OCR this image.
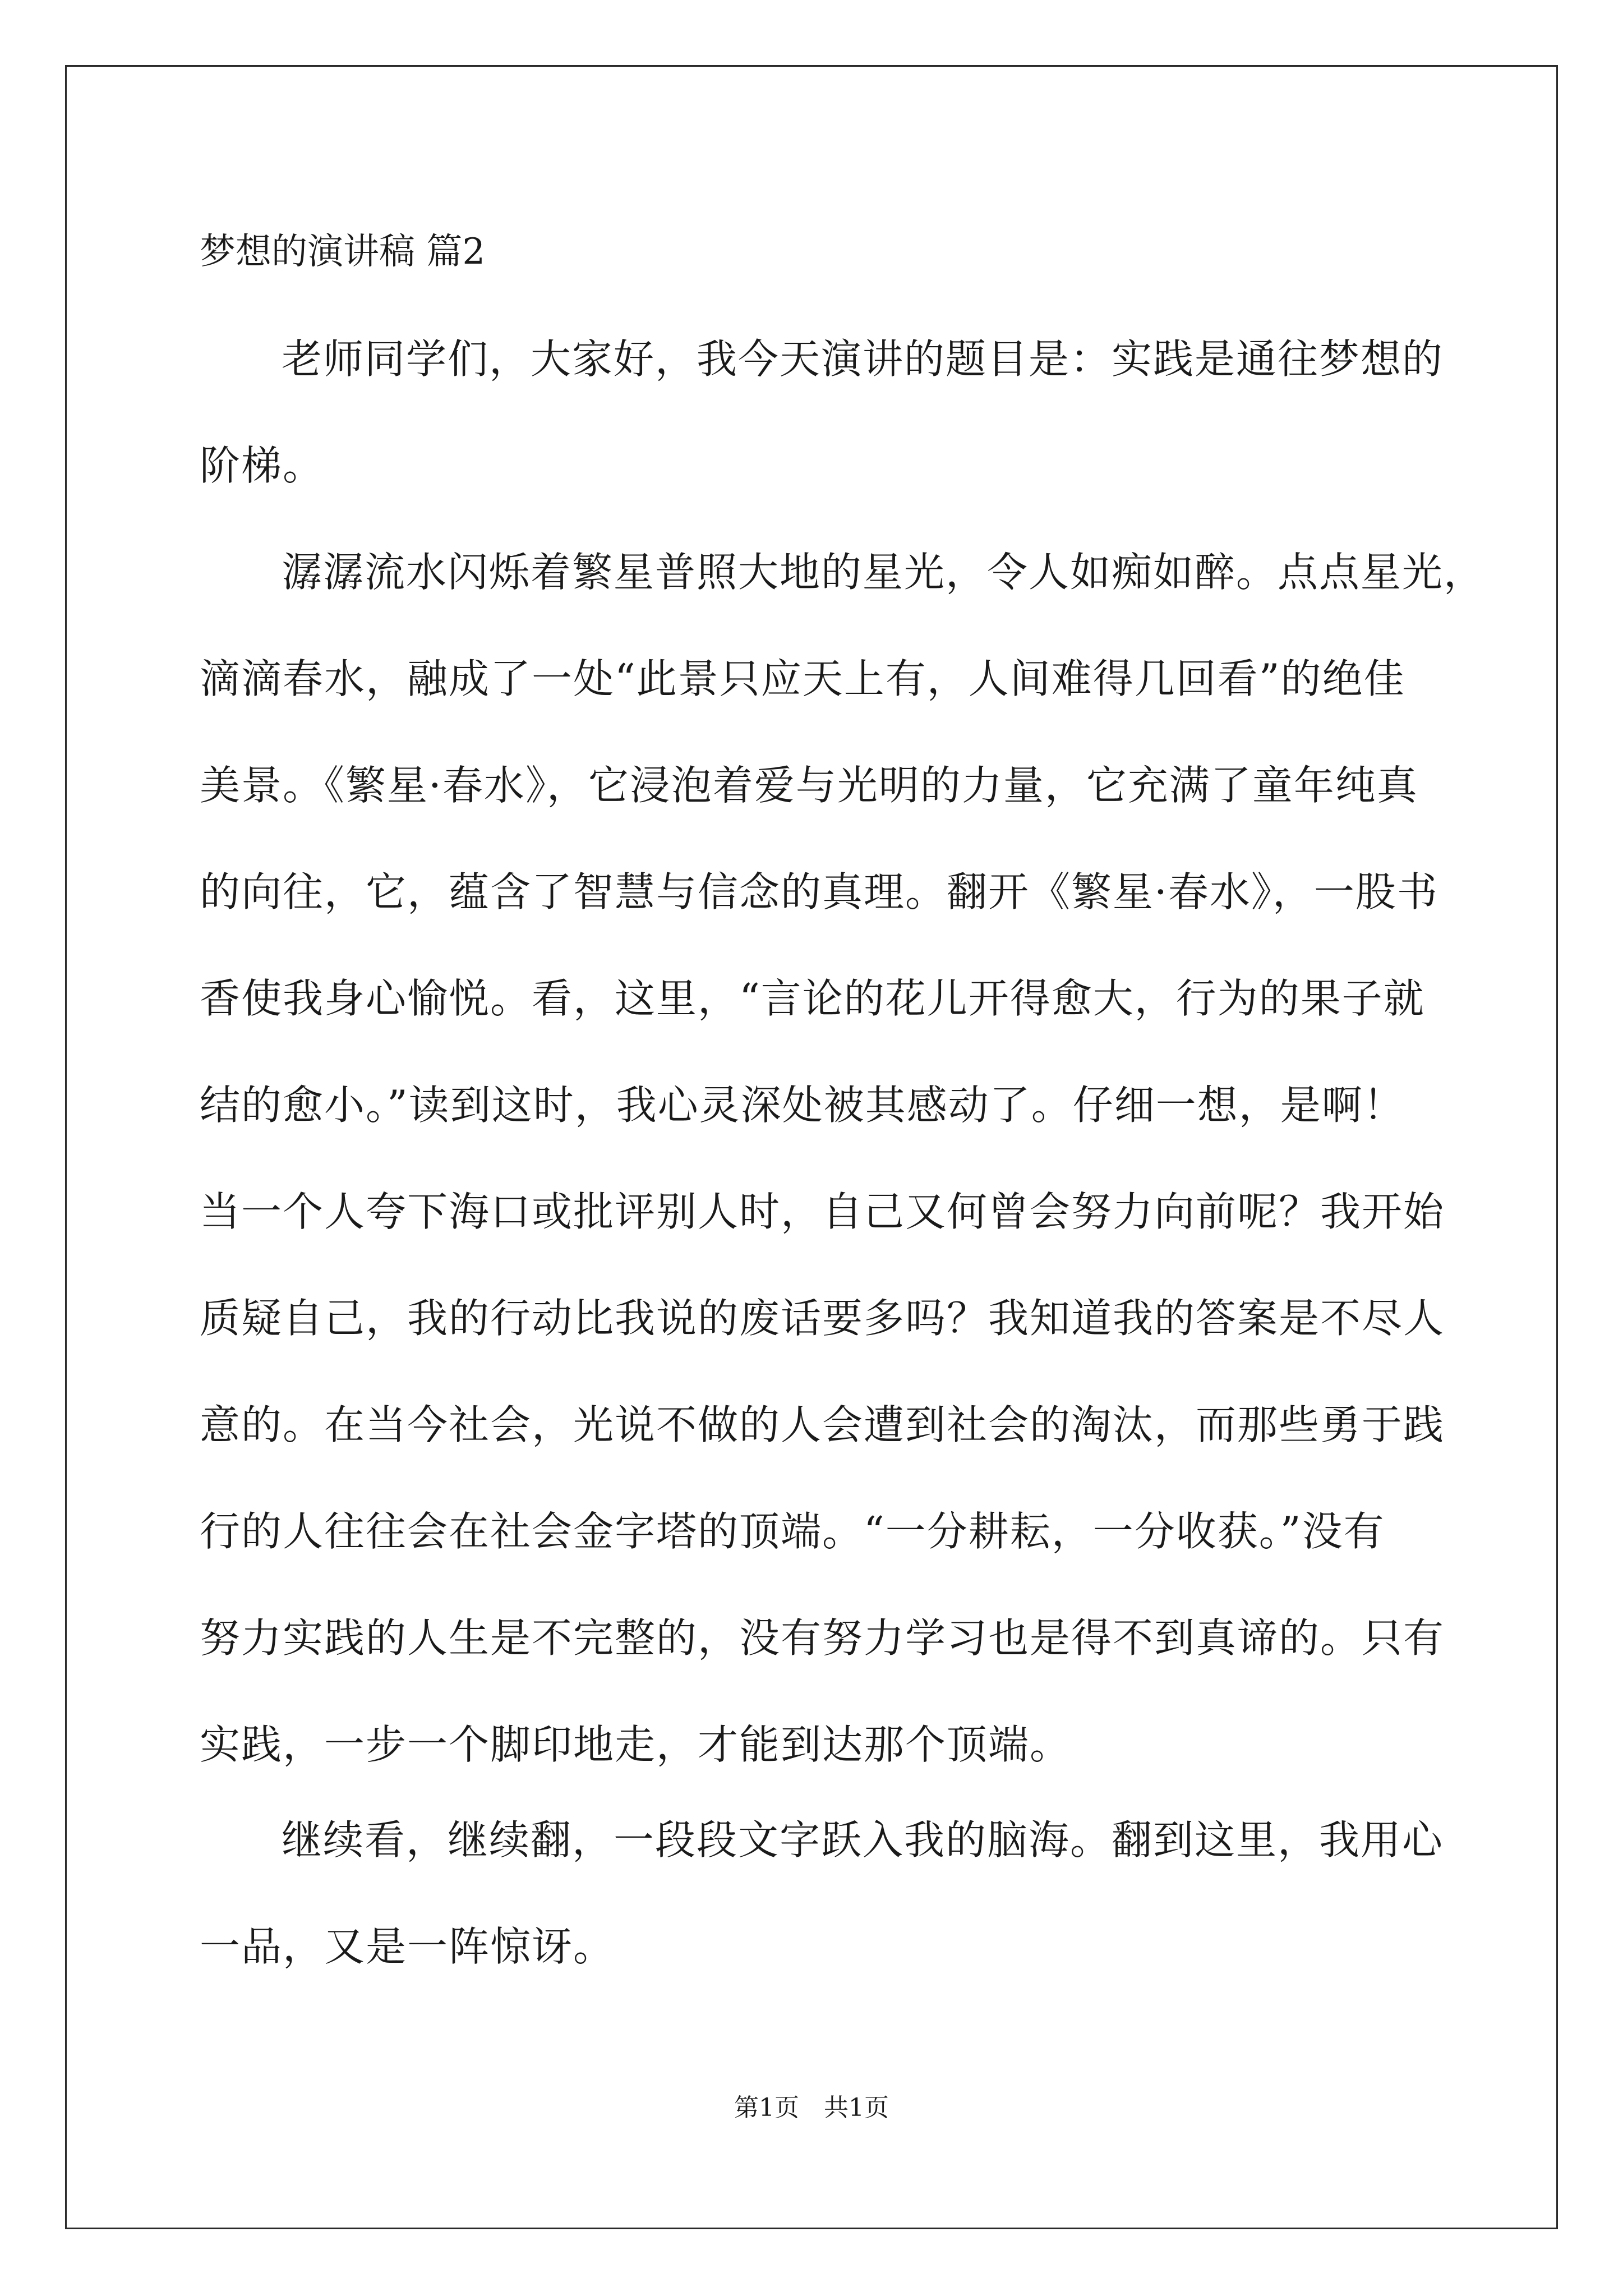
梦想的演讲稿 篇2
老师同学们，大家好，我今天演讲的题目是：实践是通往梦想的
阶梯。
潺潺流水闪烁着繁星普照大地的星光，令人如痴如醉。点点星光，
滴滴春水，融成了一处“此景只应天上有，人间难得几回看”的绝佳
美景。《繁星·春水》，它浸泡着爱与光明的力量，它充满了童年纯真
的向往，它，蕴含了智慧与信念的真理。翻开《繁星·春水》，一股书
香使我身心愉悦。看，这里，“言论的花儿开得愈大，行为的果子就
结的愈小。”读到这时，我心灵深处被其感动了。仔细一想，是啊！
当一个人夸下海口或批评别人时，自己又何曾会努力向前呢？我开始
质疑自己，我的行动比我说的废话要多吗？我知道我的答案是不尽人
意的。在当今社会，光说不做的人会遭到社会的淘汰，而那些勇于践
行的人往往会在社会金字塔的顶端。“一分耕耘，一分收获。”没有
努力实践的人生是不完整的，没有努力学习也是得不到真谛的。只有
实践，一步一个脚印地走，才能到达那个顶端。
继续看，继续翻，一段段文字跃入我的脑海。翻到这里，我用心
一品，又是一阵惊讶。
第1页　共1页
